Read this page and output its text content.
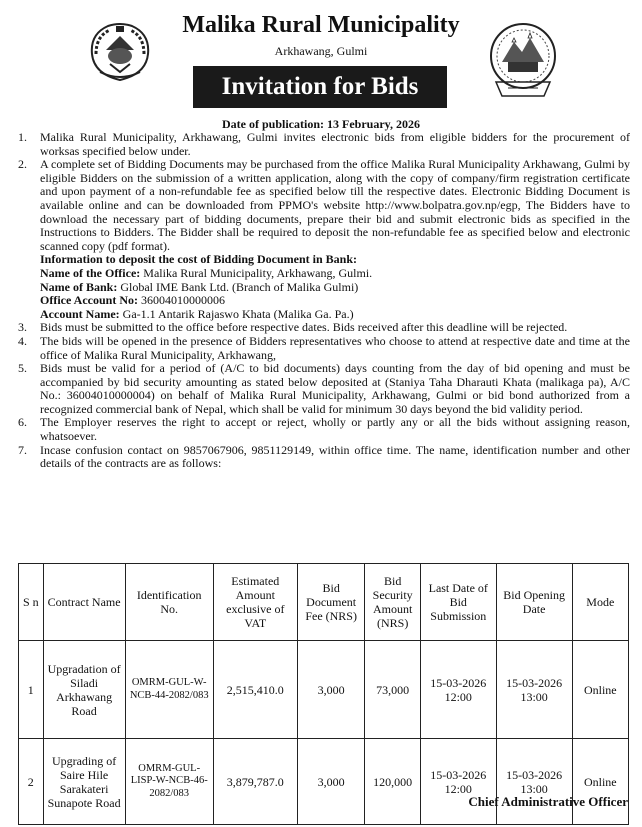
Malika Rural Municipality
Arkhawang, Gulmi
Invitation for Bids
Date of publication: 13 February, 2026
1. Malika Rural Municipality, Arkhawang, Gulmi invites electronic bids from eligible bidders for the procurement of worksas specified below under.
2. A complete set of Bidding Documents may be purchased from the office Malika Rural Municipality Arkhawang, Gulmi by eligible Bidders on the submission of a written application, along with the copy of company/firm registration certificate and upon payment of a non-refundable fee as specified below till the respective dates. Electronic Bidding Document is available online and can be downloaded from PPMO's website http://www.bolpatra.gov.np/egp, The Bidders have to download the necessary part of bidding documents, prepare their bid and submit electronic bids as specified in the Instructions to Bidders. The Bidder shall be required to deposit the non-refundable fee as specified below and electronic scanned copy (pdf format).
Information to deposit the cost of Bidding Document in Bank:
Name of the Office: Malika Rural Municipality, Arkhawang, Gulmi.
Name of Bank: Global IME Bank Ltd. (Branch of Malika Gulmi)
Office Account No: 36004010000006
Account Name: Ga-1.1 Antarik Rajaswo Khata (Malika Ga. Pa.)
3. Bids must be submitted to the office before respective dates. Bids received after this deadline will be rejected.
4. The bids will be opened in the presence of Bidders representatives who choose to attend at respective date and time at the office of Malika Rural Municipality, Arkhawang,
5. Bids must be valid for a period of (A/C to bid documents) days counting from the day of bid opening and must be accompanied by bid security amounting as stated below deposited at (Staniya Taha Dharauti Khata (malikaga pa), A/C No.: 36004010000004) on behalf of Malika Rural Municipality, Arkhawang, Gulmi or bid bond authorized from a recognized commercial bank of Nepal, which shall be valid for minimum 30 days beyond the bid validity period.
6. The Employer reserves the right to accept or reject, wholly or partly any or all the bids without assigning reason, whatsoever.
7. Incase confusion contact on 9857067906, 9851129149, within office time. The name, identification number and other details of the contracts are as follows:
S n	Contract Name	Identification No.	Estimated Amount exclusive of VAT	Bid Document Fee (NRS)	Bid Security Amount (NRS)	Last Date of Bid Submission	Bid Opening Date	Mode
1	Upgradation of Siladi Arkhawang Road	OMRM-GUL-W-NCB-44-2082/083	2,515,410.0	3,000	73,000	15-03-2026 12:00	15-03-2026 13:00	Online
2	Upgrading of Saire Hile Sarakateri Sunapote Road	OMRM-GUL-LISP-W-NCB-46-2082/083	3,879,787.0	3,000	120,000	15-03-2026 12:00	15-03-2026 13:00	Online
Chief Administrative Officer
